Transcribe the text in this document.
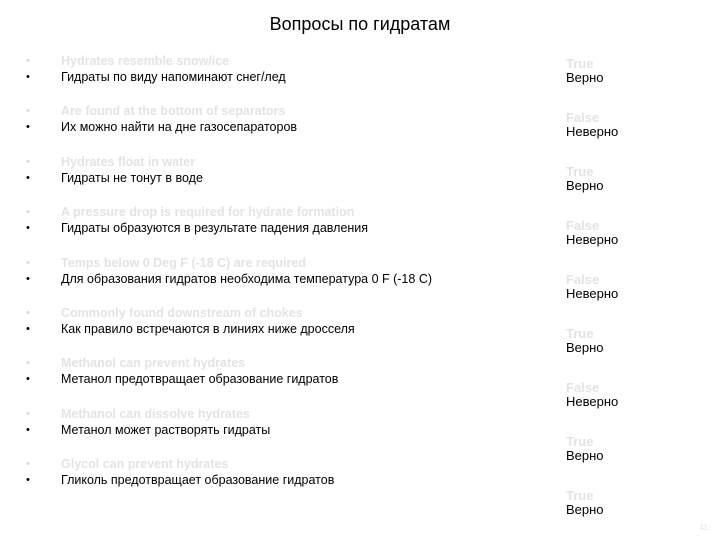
Вопросы по гидратам
•
•
Hydrates resemble snow/ice
Гидраты по виду напоминают снег/лед
•
•
Are found at the bottom of separators
Их можно найти на дне газосепараторов
•
•
Hydrates float in water
Гидраты не тонут в воде
•
•
A pressure drop is required for hydrate formation
Гидраты образуются в результате падения давления
•
•
Temps below 0 Deg F (-18 C) are required
Для образования гидратов необходима температура 0 F (-18 C)
•
•
Commonly found downstream of chokes
Как правило встречаются в линиях ниже дросселя
•
•
Methanol can prevent hydrates
Метанол предотвращает образование гидратов
•
•
Methanol can dissolve hydrates
Метанол может растворять гидраты
•
•
Glycol can prevent hydrates
Гликоль предотвращает образование гидратов
True
Верно
False
Неверно
True
Верно
False
Неверно
False
Неверно
True
Верно
False
Неверно
True
Верно
True
Верно
41
